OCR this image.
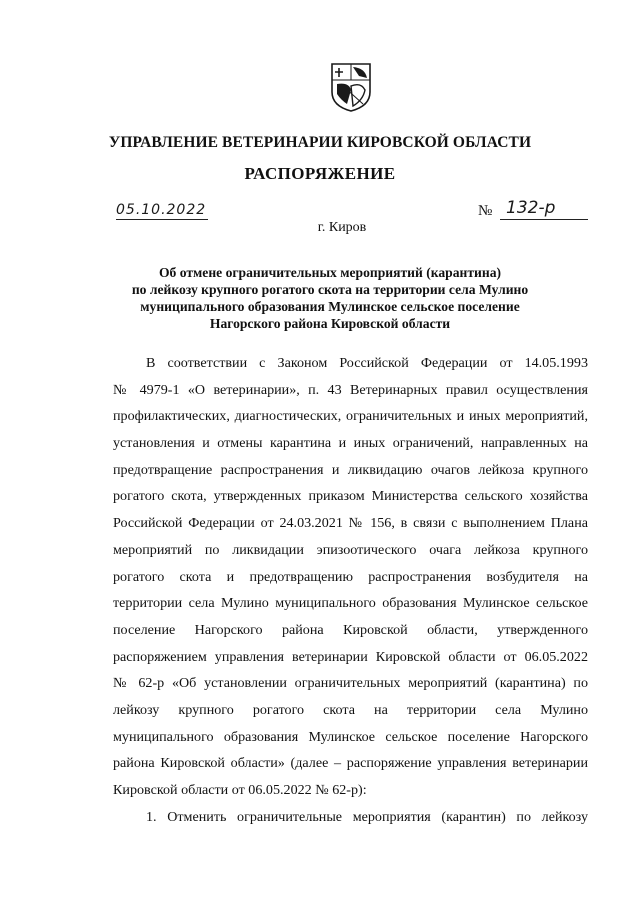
УПРАВЛЕНИЕ ВЕТЕРИНАРИИ КИРОВСКОЙ ОБЛАСТИ
РАСПОРЯЖЕНИЕ
05.10.2022	№ 132-р
г. Киров
Об отмене ограничительных мероприятий (карантина)
по лейкозу крупного рогатого скота на территории села Мулино
муниципального образования Мулинское сельское поселение
Нагорского района Кировской области
В соответствии с Законом Российской Федерации от 14.05.1993
№ 4979-1 «О ветеринарии», п. 43 Ветеринарных правил осуществления
профилактических, диагностических, ограничительных и иных мероприятий,
установления и отмены карантина и иных ограничений, направленных на
предотвращение распространения и ликвидацию очагов лейкоза крупного
рогатого скота, утвержденных приказом Министерства сельского хозяйства
Российской Федерации от 24.03.2021 № 156, в связи с выполнением Плана
мероприятий по ликвидации эпизоотического очага лейкоза крупного
рогатого скота и предотвращению распространения возбудителя на
территории села Мулино муниципального образования Мулинское сельское
поселение Нагорского района Кировской области, утвержденного
распоряжением управления ветеринарии Кировской области от 06.05.2022
№ 62-р «Об установлении ограничительных мероприятий (карантина) по
лейкозу крупного рогатого скота на территории села Мулино
муниципального образования Мулинское сельское поселение Нагорского
района Кировской области» (далее – распоряжение управления ветеринарии
Кировской области от 06.05.2022 № 62-р):
1. Отменить ограничительные мероприятия (карантин) по лейкозу
